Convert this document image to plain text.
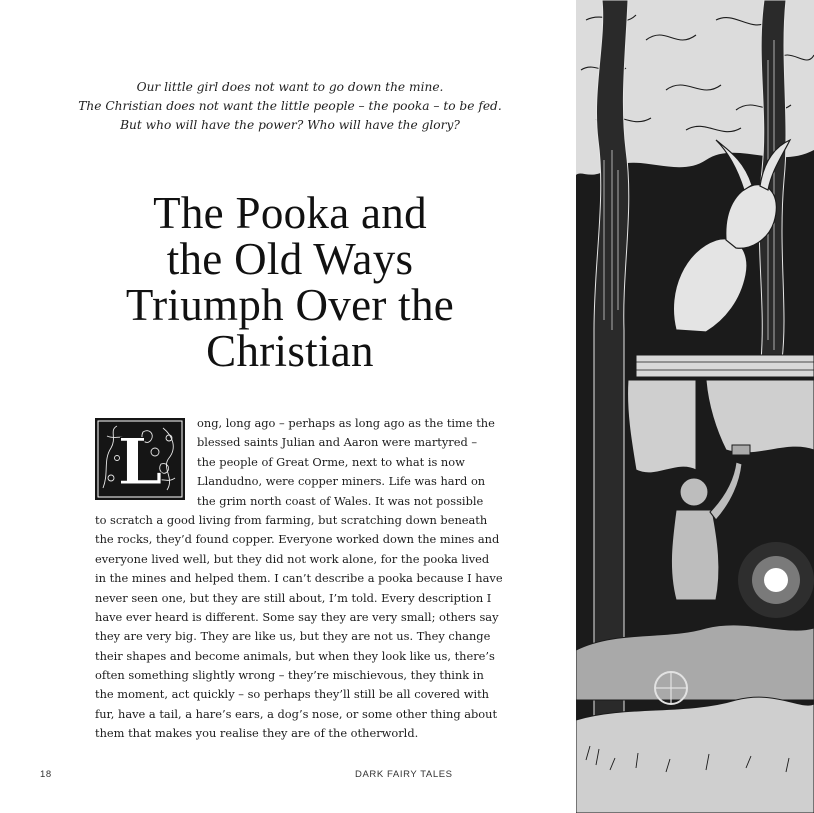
Our little girl does not want to go down the mine.
The Christian does not want the little people – the pooka – to be fed.
But who will have the power? Who will have the glory?
The Pooka and
the Old Ways
Triumph Over the
Christian
L
ong, long ago – perhaps as long ago as the time the
blessed saints Julian and Aaron were martyred –
the people of Great Orme, next to what is now
Llandudno, were copper miners. Life was hard on
the grim north coast of Wales. It was not possible
to scratch a good living from farming, but scratching down beneath
the rocks, they’d found copper. Everyone worked down the mines and
everyone lived well, but they did not work alone, for the pooka lived
in the mines and helped them. I can’t describe a pooka because I have
never seen one, but they are still about, I’m told. Every description I
have ever heard is different. Some say they are very small; others say
they are very big. They are like us, but they are not us. They change
their shapes and become animals, but when they look like us, there’s
often something slightly wrong – they’re mischievous, they think in
the moment, act quickly – so perhaps they’ll still be all covered with
fur, have a tail, a hare’s ears, a dog’s nose, or some other thing about
them that makes you realise they are of the otherworld.
18	DARK FAIRY TALES
